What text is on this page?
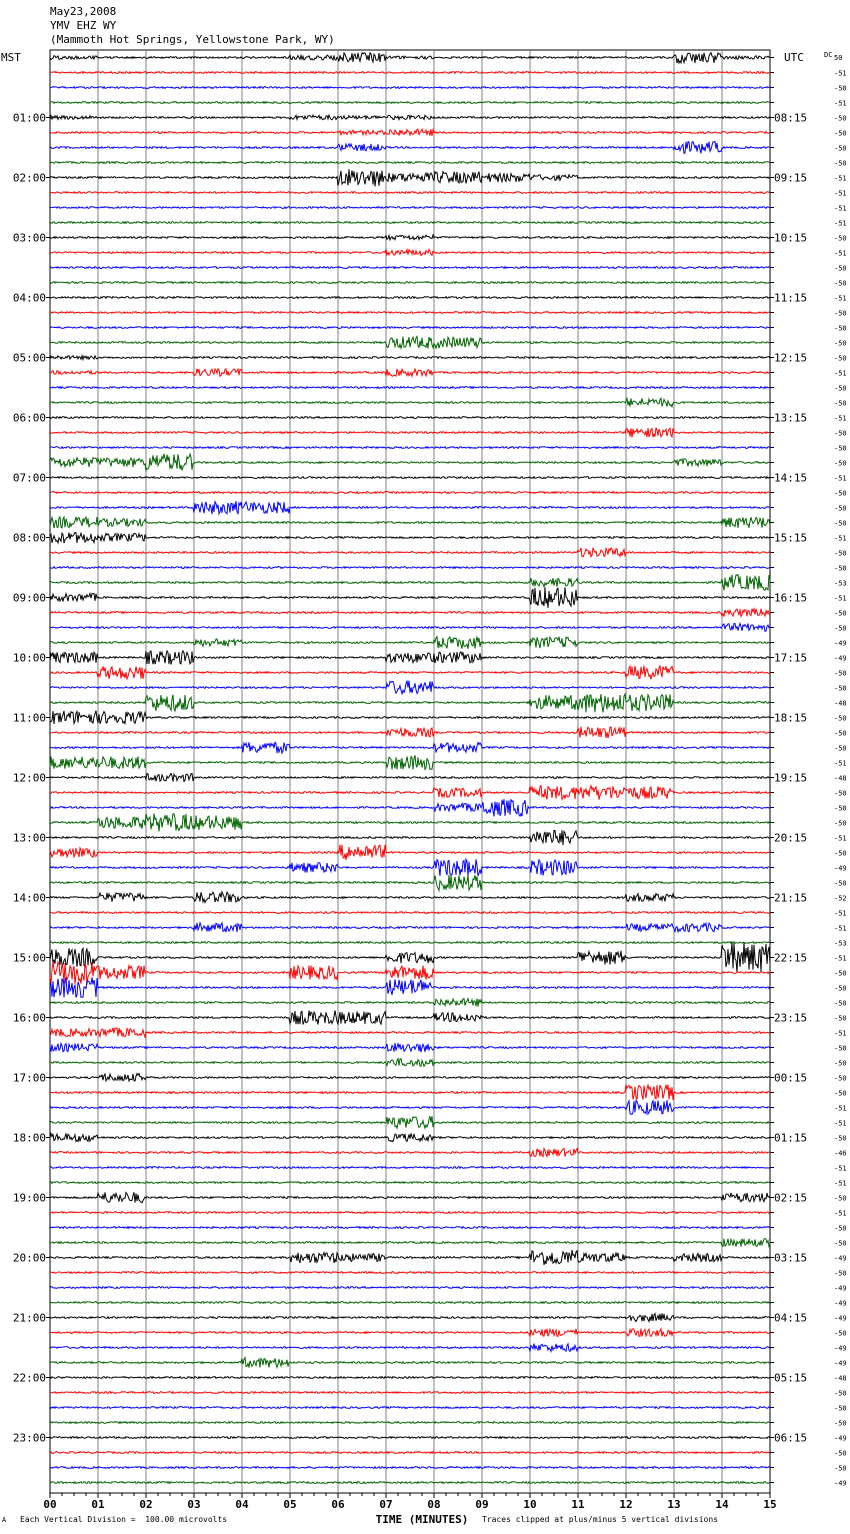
00	01	02	03	04	05	06	07	08	09	10	11	12	13	14	15
TIME (MINUTES)
MST	UTC	DC 50
-51
-50
-51
-50
-50
-50
-50
-51
-51
-51
-51
-50
-51
-50
-50
-51
-50
-50
-50
-50
-51
-50
-50
-51
-50
-50
-50
-51
-50
-50
-50
-51
-50
-50
-53
-51
-50
-50
-49
-49
-50
-50
-48
-50
-50
-50
-51
-48
-50
-50
-50
-51
-50
-49
-50
-52
-51
-51
-53
-51
-50
-50
-50
-50
-51
-50
-50
-50
-50
-51
-51
-50
-46
-51
-51
-50
-51
-50
-50
-49
-50
-49
-49
-49
-50
-49
-49
-48
-50
-50
-50
-49
-50
-50
-49
01:00	08:15
02:00	09:15
03:00	10:15
04:00	11:15
05:00	12:15
06:00	13:15
07:00	14:15
08:00	15:15
09:00	16:15
10:00	17:15
11:00	18:15
12:00	19:15
13:00	20:15
14:00	21:15
15:00	22:15
16:00	23:15
17:00	00:15
18:00	01:15
19:00	02:15
20:00	03:15
21:00	04:15
22:00	05:15
23:00	06:15
May23,2008
YMV EHZ WY
(Mammoth Hot Springs, Yellowstone Park, WY)
A Each Vertical Division =  100.00 microvolts	Traces clipped at plus/minus 5 vertical divisions
